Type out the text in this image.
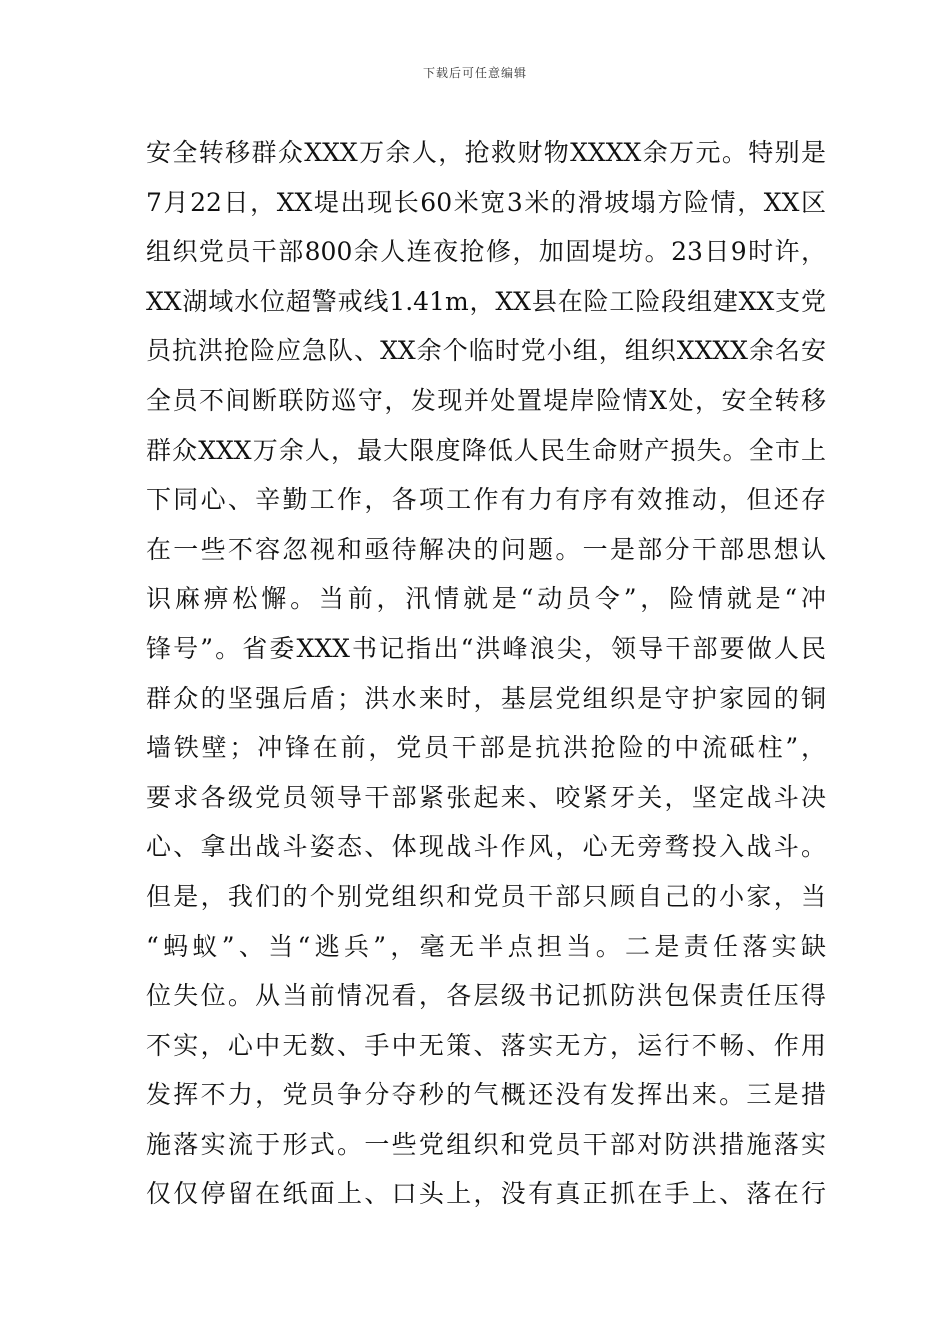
下载后可任意编辑
安全转移群众XXX万余人，抢救财物XXXX余万元。特别是
7月22日，XX堤出现长60米宽3米的滑坡塌方险情，XX区
组织党员干部800余人连夜抢修，加固堤坊。23日9时许，
XX湖域水位超警戒线1.41m，XX县在险工险段组建XX支党
员抗洪抢险应急队、XX余个临时党小组，组织XXXX余名安
全员不间断联防巡守，发现并处置堤岸险情X处，安全转移
群众XXX万余人，最大限度降低人民生命财产损失。全市上
下同心、辛勤工作，各项工作有力有序有效推动，但还存
在一些不容忽视和亟待解决的问题。一是部分干部思想认
识麻痹松懈。当前，汛情就是“动员令”，险情就是“冲
锋号”。省委XXX书记指出“洪峰浪尖，领导干部要做人民
群众的坚强后盾；洪水来时，基层党组织是守护家园的铜
墙铁壁；冲锋在前，党员干部是抗洪抢险的中流砥柱”，
要求各级党员领导干部紧张起来、咬紧牙关，坚定战斗决
心、拿出战斗姿态、体现战斗作风，心无旁骛投入战斗。
但是，我们的个别党组织和党员干部只顾自己的小家，当
“蚂蚁”、当“逃兵”，毫无半点担当。二是责任落实缺
位失位。从当前情况看，各层级书记抓防洪包保责任压得
不实，心中无数、手中无策、落实无方，运行不畅、作用
发挥不力，党员争分夺秒的气概还没有发挥出来。三是措
施落实流于形式。一些党组织和党员干部对防洪措施落实
仅仅停留在纸面上、口头上，没有真正抓在手上、落在行
